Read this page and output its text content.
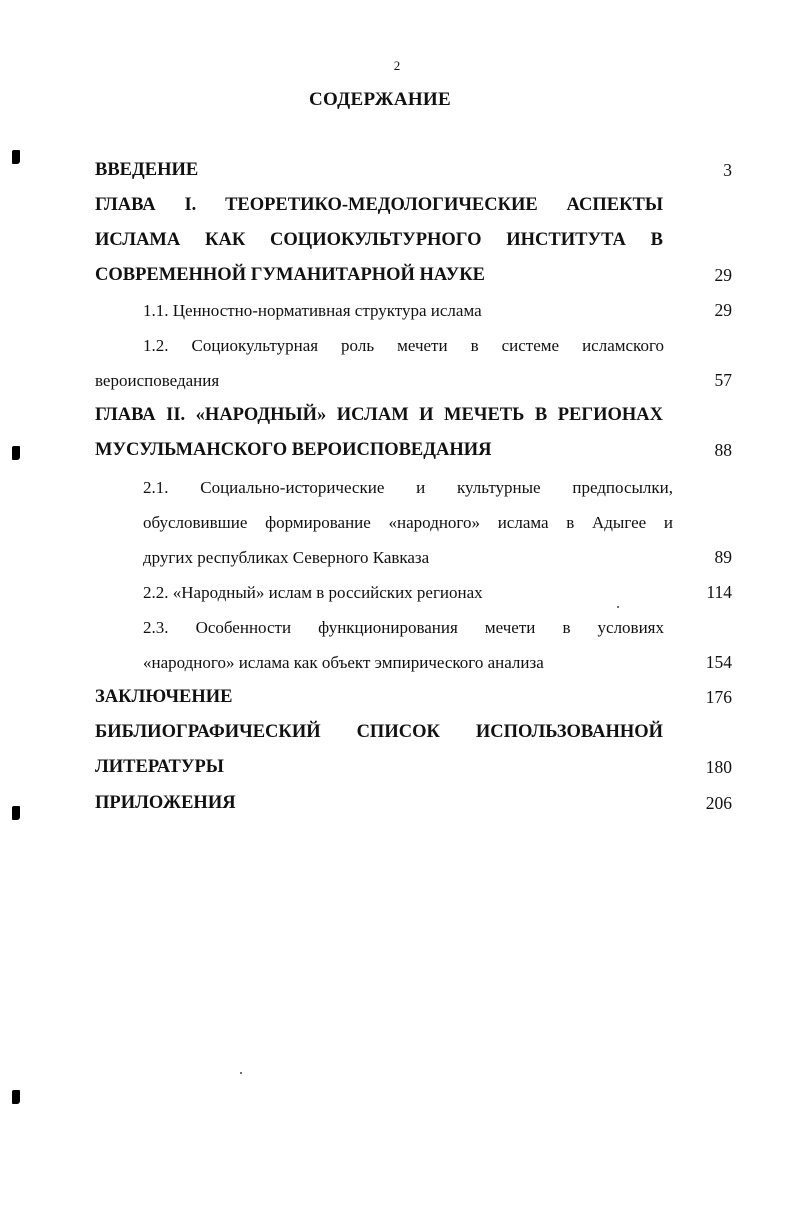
2
СОДЕРЖАНИЕ
ВВЕДЕНИЕ	3
ГЛАВА I. ТЕОРЕТИКО-МЕДОЛОГИЧЕСКИЕ АСПЕКТЫ
ИСЛАМА КАК СОЦИОКУЛЬТУРНОГО ИНСТИТУТА В
СОВРЕМЕННОЙ ГУМАНИТАРНОЙ НАУКЕ	29
1.1. Ценностно-нормативная структура ислама	29
1.2. Социокультурная роль мечети в системе исламского
вероисповедания	57
ГЛАВА II. «НАРОДНЫЙ» ИСЛАМ И МЕЧЕТЬ В РЕГИОНАХ
МУСУЛЬМАНСКОГО ВЕРОИСПОВЕДАНИЯ	88
2.1. Социально-исторические и культурные предпосылки,
обусловившие формирование «народного» ислама в Адыгее и
других республиках Северного Кавказа	89
2.2. «Народный» ислам в российских регионах	114
2.3. Особенности функционирования мечети в условиях
«народного» ислама как объект эмпирического анализа	154
ЗАКЛЮЧЕНИЕ	176
БИБЛИОГРАФИЧЕСКИЙ СПИСОК ИСПОЛЬЗОВАННОЙ
ЛИТЕРАТУРЫ	180
ПРИЛОЖЕНИЯ	206
